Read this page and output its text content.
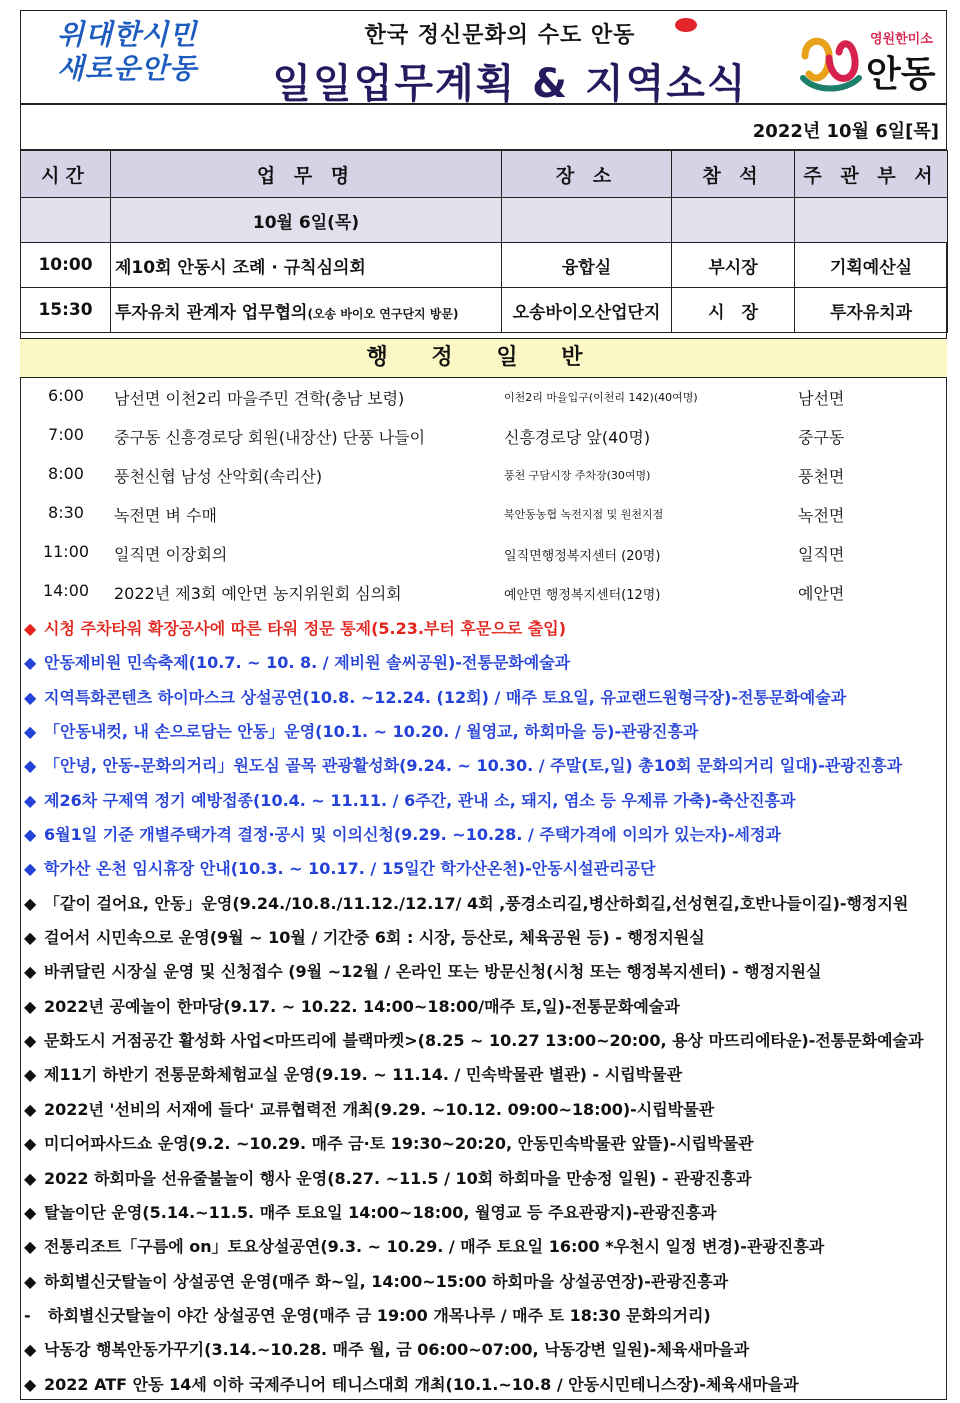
위대한시민
새로운안동
한국 정신문화의 수도 안동
일일업무계획 & 지역소식
영원한미소
안동
2022년 10월 6일[목]
시간	업 무 명	장 소	참 석	주 관 부 서
	10월 6일(목)			
10:00	제10회 안동시 조례 · 규칙심의회	융합실	부시장	기획예산실
15:30	투자유치 관계자 업무협의(오송 바이오 연구단지 방문)	오송바이오산업단지	시　장	투자유치과
행 정 일 반
6:00	남선면 이천2리 마을주민 견학(충남 보령)	이천2리 마을입구(이천리 142)(40여명)	남선면
7:00	중구동 신흥경로당 회원(내장산) 단풍 나들이	신흥경로당 앞(40명)	중구동
8:00	풍천신협 남성 산악회(속리산)	풍천 구담시장 주차장(30여명)	풍천면
8:30	녹전면 벼 수매	북안동농협 녹전지점 및 원천지점	녹전면
11:00	일직면 이장회의	일직면행정복지센터 (20명)	일직면
14:00	2022년 제3회 예안면 농지위원회 심의회	예안면 행정복지센터(12명)	예안면
◆ 시청 주차타워 확장공사에 따른 타워 정문 통제(5.23.부터 후문으로 출입)
◆ 안동제비원 민속축제(10.7. ~ 10. 8. / 제비원 솔씨공원)-전통문화예술과
◆ 지역특화콘텐츠 하이마스크 상설공연(10.8. ~12.24. (12회) / 매주 토요일, 유교랜드원형극장)-전통문화예술과
◆ 「안동내컷, 내 손으로담는 안동」운영(10.1. ~ 10.20. / 월영교, 하회마을 등)-관광진흥과
◆ 「안녕, 안동-문화의거리」원도심 골목 관광활성화(9.24. ~ 10.30. / 주말(토,일) 총10회 문화의거리 일대)-관광진흥과
◆ 제26차 구제역 정기 예방접종(10.4. ~ 11.11. / 6주간, 관내 소, 돼지, 염소 등 우제류 가축)-축산진흥과
◆ 6월1일 기준 개별주택가격 결정·공시 및 이의신청(9.29. ~10.28. / 주택가격에 이의가 있는자)-세정과
◆ 학가산 온천 임시휴장 안내(10.3. ~ 10.17. / 15일간 학가산온천)-안동시설관리공단
◆ 「같이 걸어요, 안동」운영(9.24./10.8./11.12./12.17/ 4회 ,풍경소리길,병산하회길,선성현길,호반나들이길)-행정지원
◆ 걸어서 시민속으로 운영(9월 ~ 10월 / 기간중 6회 : 시장, 등산로, 체육공원 등) - 행정지원실
◆ 바퀴달린 시장실 운영 및 신청접수 (9월 ~12월 / 온라인 또는 방문신청(시청 또는 행정복지센터) - 행정지원실
◆ 2022년 공예놀이 한마당(9.17. ~ 10.22. 14:00~18:00/매주 토,일)-전통문화예술과
◆ 문화도시 거점공간 활성화 사업<마뜨리에 블랙마켓>(8.25 ~ 10.27 13:00~20:00, 용상 마뜨리에타운)-전통문화예술과
◆ 제11기 하반기 전통문화체험교실 운영(9.19. ~ 11.14. / 민속박물관 별관) - 시립박물관
◆ 2022년 '선비의 서재에 들다' 교류협력전 개최(9.29. ~10.12. 09:00~18:00)-시립박물관
◆ 미디어파사드쇼 운영(9.2. ~10.29. 매주 금·토 19:30~20:20, 안동민속박물관 앞뜰)-시립박물관
◆ 2022 하회마을 선유줄불놀이 행사 운영(8.27. ~11.5 / 10회 하회마을 만송정 일원) - 관광진흥과
◆ 탈놀이단 운영(5.14.~11.5. 매주 토요일 14:00~18:00, 월영교 등 주요관광지)-관광진흥과
◆ 전통리조트「구름에 on」토요상설공연(9.3. ~ 10.29. / 매주 토요일 16:00 *우천시 일정 변경)-관광진흥과
◆ 하회별신굿탈놀이 상설공연 운영(매주 화~일, 14:00~15:00 하회마을 상설공연장)-관광진흥과
- 하회별신굿탈놀이 야간 상설공연 운영(매주 금 19:00 개목나루 / 매주 토 18:30 문화의거리)
◆ 낙동강 행복안동가꾸기(3.14.~10.28. 매주 월, 금 06:00~07:00, 낙동강변 일원)-체육새마을과
◆ 2022 ATF 안동 14세 이하 국제주니어 테니스대회 개최(10.1.~10.8 / 안동시민테니스장)-체육새마을과
